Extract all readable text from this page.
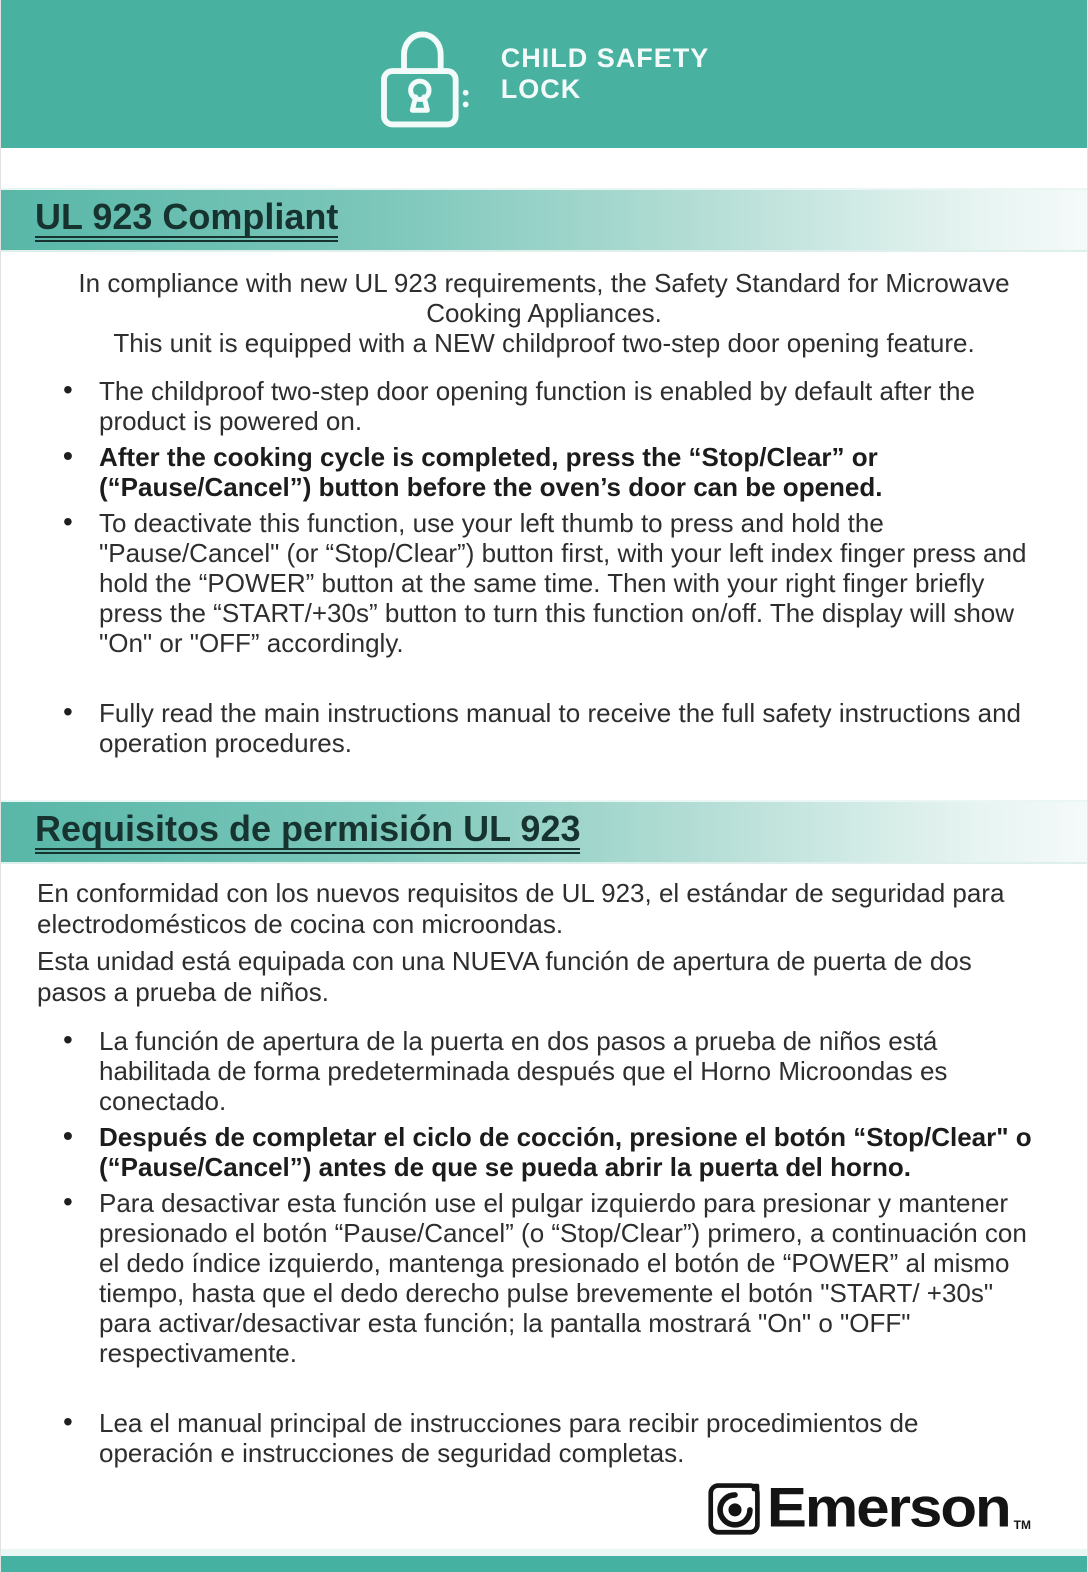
CHILD SAFETY
LOCK
UL 923 Compliant

In compliance with new UL 923 requirements, the Safety Standard for Microwave Cooking Appliances.

This unit is equipped with a NEW childproof two-step door opening feature.

• The childproof two-step door opening function is enabled by default after the product is powered on.
• After the cooking cycle is completed, press the “Stop/Clear” or (“Pause/Cancel”) button before the oven’s door can be opened.
• To deactivate this function, use your left thumb to press and hold the "Pause/Cancel" (or “Stop/Clear”) button first, with your left index finger press and hold the “POWER” button at the same time. Then with your right finger briefly press the “START/+30s” button to turn this function on/off. The display will show "On" or "OFF” accordingly.
• Fully read the main instructions manual to receive the full safety instructions and operation procedures.
Requisitos de permisión UL 923

En conformidad con los nuevos requisitos de UL 923, el estándar de seguridad para electrodomésticos de cocina con microondas.

Esta unidad está equipada con una NUEVA función de apertura de puerta de dos pasos a prueba de niños.

• La función de apertura de la puerta en dos pasos a prueba de niños está habilitada de forma predeterminada después que el Horno Microondas es conectado.
• Después de completar el ciclo de cocción, presione el botón “Stop/Clear" o (“Pause/Cancel”) antes de que se pueda abrir la puerta del horno.
• Para desactivar esta función use el pulgar izquierdo para presionar y mantener presionado el botón “Pause/Cancel” (o “Stop/Clear”) primero, a continuación con el dedo índice izquierdo, mantenga presionado el botón de “POWER” al mismo tiempo, hasta que el dedo derecho pulse brevemente el botón "START/ +30s" para activar/desactivar esta función; la pantalla mostrará "On" o "OFF" respectivamente.
• Lea el manual principal de instrucciones para recibir procedimientos de operación e instrucciones de seguridad completas.
Emerson TM
